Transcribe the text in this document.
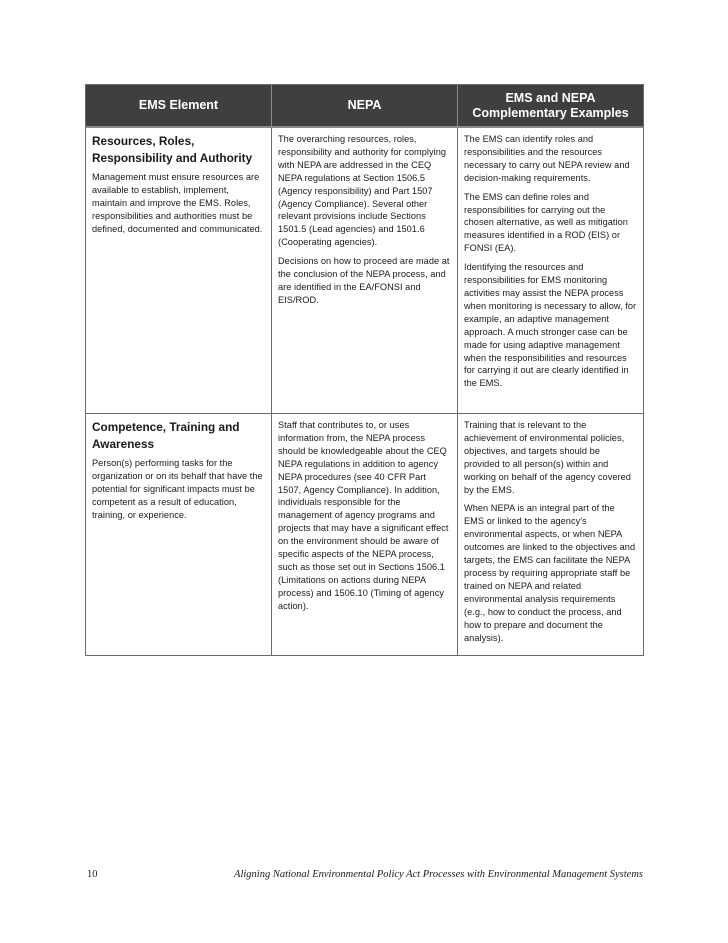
EMS Element	NEPA
EMS and NEPA
Complementary Examples
Resources, Roles, Responsibility and Authority

Management must ensure resources are available to establish, implement, maintain and improve the EMS. Roles, responsibilities and authorities must be defined, documented and communicated.

The overarching resources, roles, responsibility and authority for complying with NEPA are addressed in the CEQ NEPA regulations at Section 1506.5 (Agency responsibility) and Part 1507 (Agency Compliance). Several other relevant provisions include Sections 1501.5 (Lead agencies) and 1501.6 (Cooperating agencies).

Decisions on how to proceed are made at the conclusion of the NEPA process, and are identified in the EA/FONSI and EIS/ROD.

The EMS can identify roles and responsibilities and the resources necessary to carry out NEPA review and decision-making requirements.

The EMS can define roles and responsibilities for carrying out the chosen alternative, as well as mitigation measures identified in a ROD (EIS) or FONSI (EA).

Identifying the resources and responsibilities for EMS monitoring activities may assist the NEPA process when monitoring is necessary to allow, for example, an adaptive management approach. A much stronger case can be made for using adaptive management when the responsibilities and resources for carrying it out are clearly identified in the EMS.

Competence, Training and Awareness

Person(s) performing tasks for the organization or on its behalf that have the potential for significant impacts must be competent as a result of education, training, or experience.

Staff that contributes to, or uses information from, the NEPA process should be knowledgeable about the CEQ NEPA regulations in addition to agency NEPA procedures (see 40 CFR Part 1507, Agency Compliance). In addition, individuals responsible for the management of agency programs and projects that may have a significant effect on the environment should be aware of specific aspects of the NEPA process, such as those set out in Sections 1506.1 (Limitations on actions during NEPA process) and 1506.10 (Timing of agency action).

Training that is relevant to the achievement of environmental policies, objectives, and targets should be provided to all person(s) within and working on behalf of the agency covered by the EMS.

When NEPA is an integral part of the EMS or linked to the agency's environmental aspects, or when NEPA outcomes are linked to the objectives and targets, the EMS can facilitate the NEPA process by requiring appropriate staff be trained on NEPA and related environmental analysis requirements (e.g., how to conduct the process, and how to prepare and document the analysis).

10	Aligning National Environmental Policy Act Processes with Environmental Management Systems
